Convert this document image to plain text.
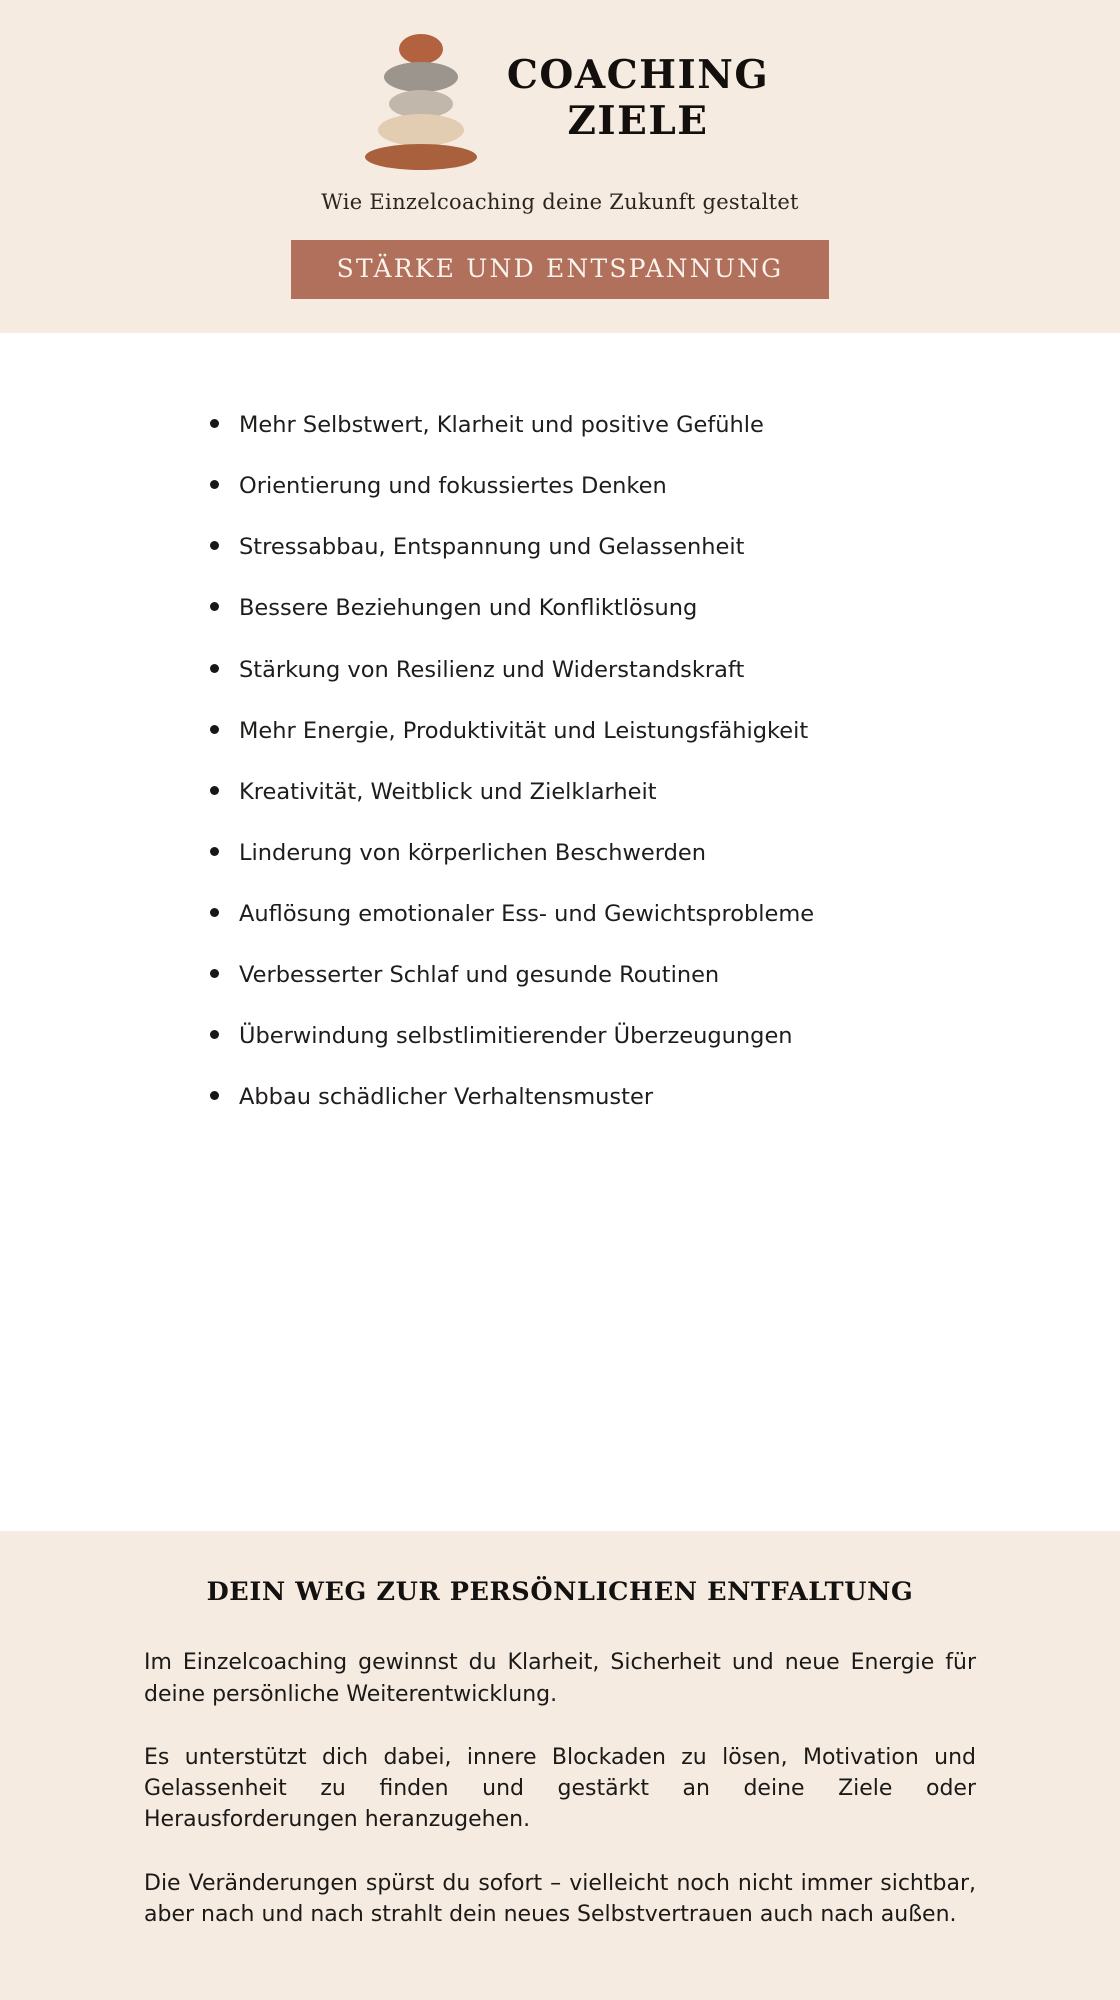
COACHING
ZIELE
Wie Einzelcoaching deine Zukunft gestaltet
STÄRKE UND ENTSPANNUNG
Mehr Selbstwert, Klarheit und positive Gefühle
Orientierung und fokussiertes Denken
Stressabbau, Entspannung und Gelassenheit
Bessere Beziehungen und Konfliktlösung
Stärkung von Resilienz und Widerstandskraft
Mehr Energie, Produktivität und Leistungsfähigkeit
Kreativität, Weitblick und Zielklarheit
Linderung von körperlichen Beschwerden
Auflösung emotionaler Ess- und Gewichtsprobleme
Verbesserter Schlaf und gesunde Routinen
Überwindung selbstlimitierender Überzeugungen
Abbau schädlicher Verhaltensmuster
DEIN WEG ZUR PERSÖNLICHEN ENTFALTUNG

Im Einzelcoaching gewinnst du Klarheit, Sicherheit und neue Energie für deine persönliche Weiterentwicklung.

Es unterstützt dich dabei, innere Blockaden zu lösen, Motivation und Gelassenheit zu finden und gestärkt an deine Ziele oder Herausforderungen heranzugehen.

Die Veränderungen spürst du sofort – vielleicht noch nicht immer sichtbar, aber nach und nach strahlt dein neues Selbstvertrauen auch nach außen.
